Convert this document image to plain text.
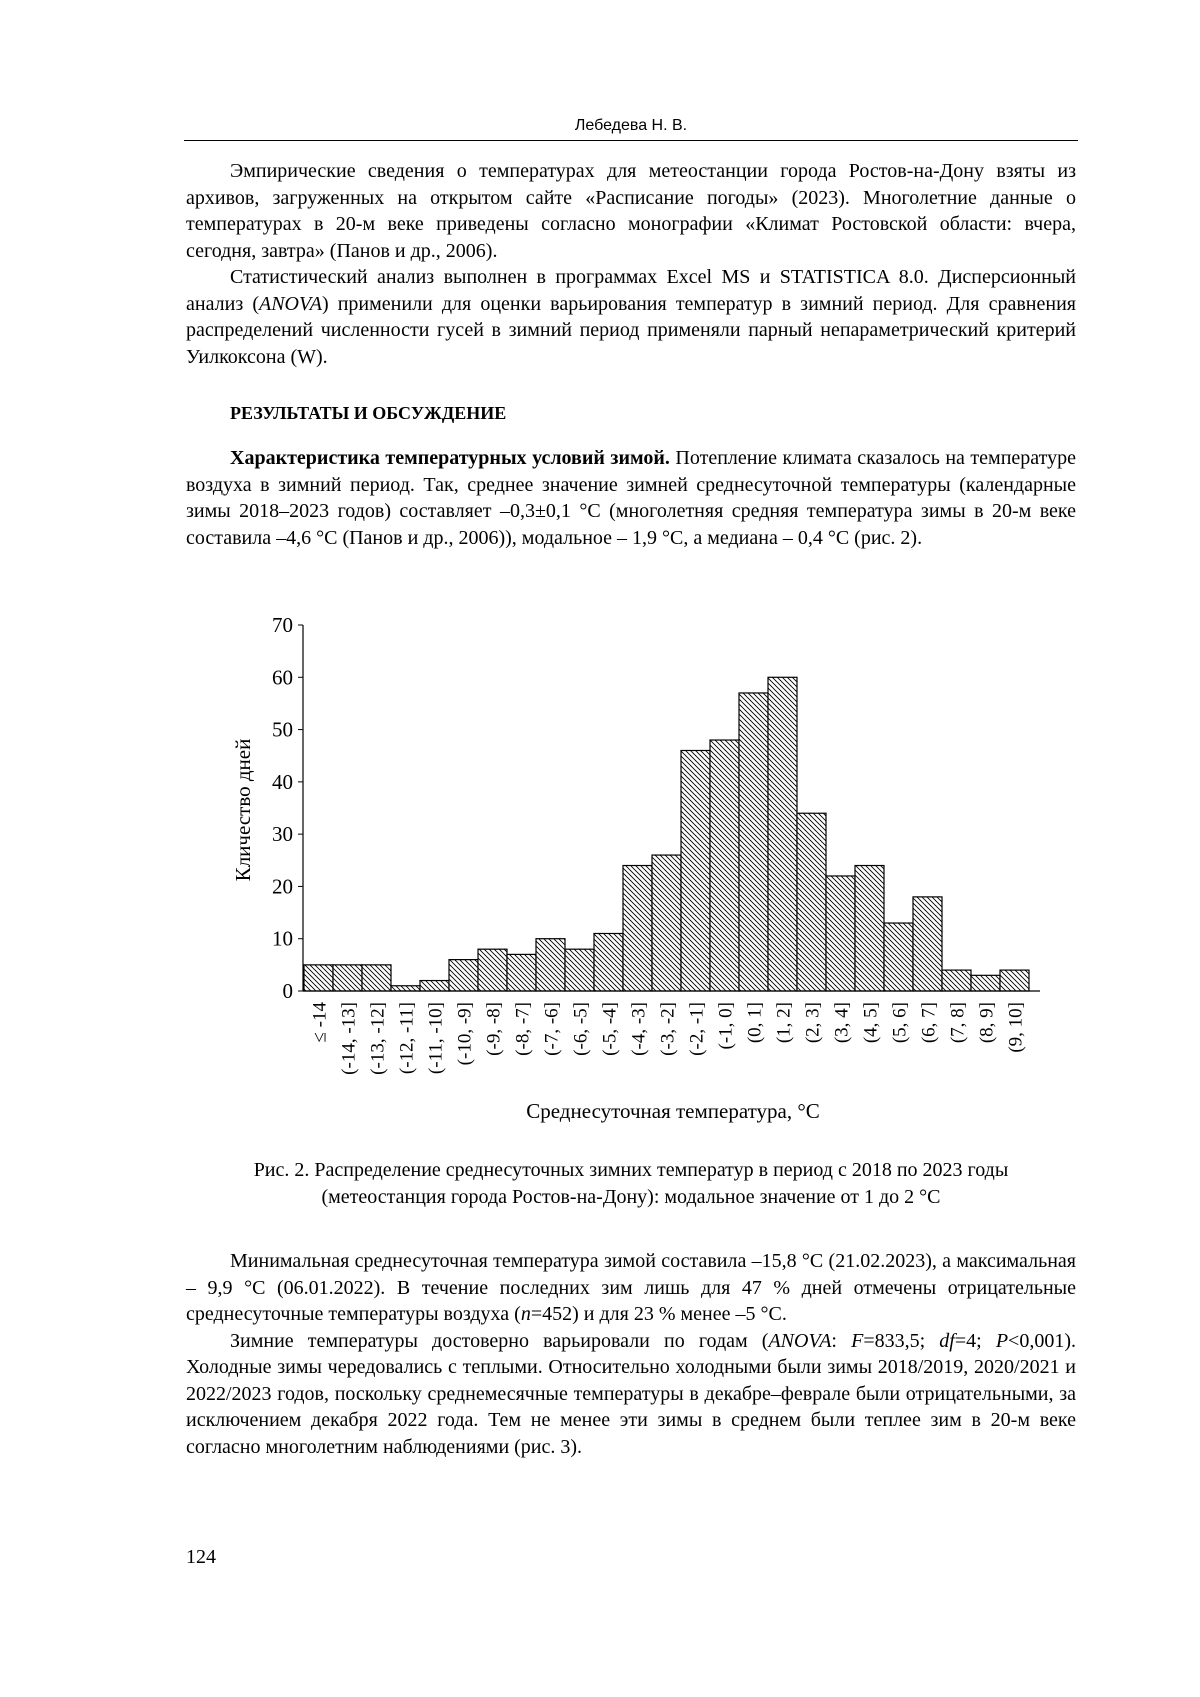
Лебедева Н. В.

Эмпирические сведения о температурах для метеостанции города Ростов-на-Дону взяты из архивов, загруженных на открытом сайте «Расписание погоды» (2023). Многолетние данные о температурах в 20-м веке приведены согласно монографии «Климат Ростовской области: вчера, сегодня, завтра» (Панов и др., 2006).

Статистический анализ выполнен в программах Excel MS и STATISTICA 8.0. Дисперсионный анализ (ANOVA) применили для оценки варьирования температур в зимний период. Для сравнения распределений численности гусей в зимний период применяли парный непараметрический критерий Уилкоксона (W).

РЕЗУЛЬТАТЫ И ОБСУЖДЕНИЕ

Характеристика температурных условий зимой. Потепление климата сказалось на температуре воздуха в зимний период. Так, среднее значение зимней среднесуточной температуры (календарные зимы 2018–2023 годов) составляет –0,3±0,1 °C (многолетняя средняя температура зимы в 20-м веке составила –4,6 °C (Панов и др., 2006)), модальное – 1,9 °C, а медиана – 0,4 °C (рис. 2).

0
10
20
30
40
50
60
70
≤ -14 (-14, -13] (-13, -12] (-12, -11] (-11, -10] (-10, -9] (-9, -8] (-8, -7] (-7, -6] (-6, -5] (-5, -4] (-4, -3] (-3, -2] (-2, -1] (-1, 0] (0, 1] (1, 2] (2, 3] (3, 4] (4, 5] (5, 6] (6, 7] (7, 8] (8, 9] (9, 10]
Кличество дней
Среднесуточная температура, °C
Рис. 2. Распределение среднесуточных зимних температур в период с 2018 по 2023 годы
(метеостанция города Ростов-на-Дону): модальное значение от 1 до 2 °C

Минимальная среднесуточная температура зимой составила –15,8 °C (21.02.2023), а максимальная – 9,9 °C (06.01.2022). В течение последних зим лишь для 47 % дней отмечены отрицательные среднесуточные температуры воздуха (n=452) и для 23 % менее –5 °C.

Зимние температуры достоверно варьировали по годам (ANOVA: F=833,5; df=4; P<0,001). Холодные зимы чередовались с теплыми. Относительно холодными были зимы 2018/2019, 2020/2021 и 2022/2023 годов, поскольку среднемесячные температуры в декабре–феврале были отрицательными, за исключением декабря 2022 года. Тем не менее эти зимы в среднем были теплее зим в 20-м веке согласно многолетним наблюдениями (рис. 3).

124
